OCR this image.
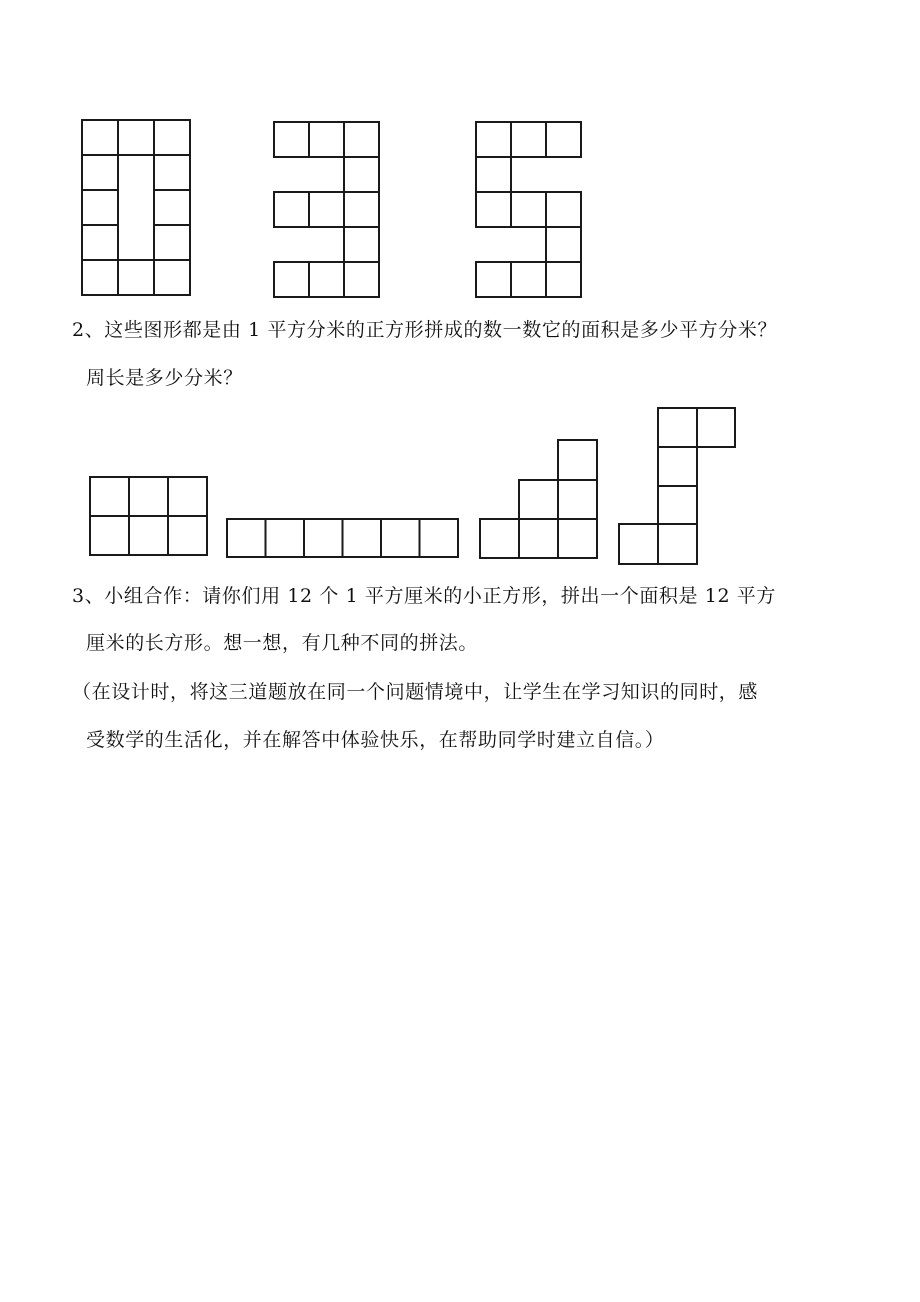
2、这些图形都是由 1 平方分米的正方形拼成的数一数它的面积是多少平方分米？
周长是多少分米？
3、小组合作：请你们用 12 个 1 平方厘米的小正方形，拼出一个面积是 12 平方
厘米的长方形。想一想，有几种不同的拼法。
（在设计时，将这三道题放在同一个问题情境中，让学生在学习知识的同时，感
受数学的生活化，并在解答中体验快乐，在帮助同学时建立自信。）
